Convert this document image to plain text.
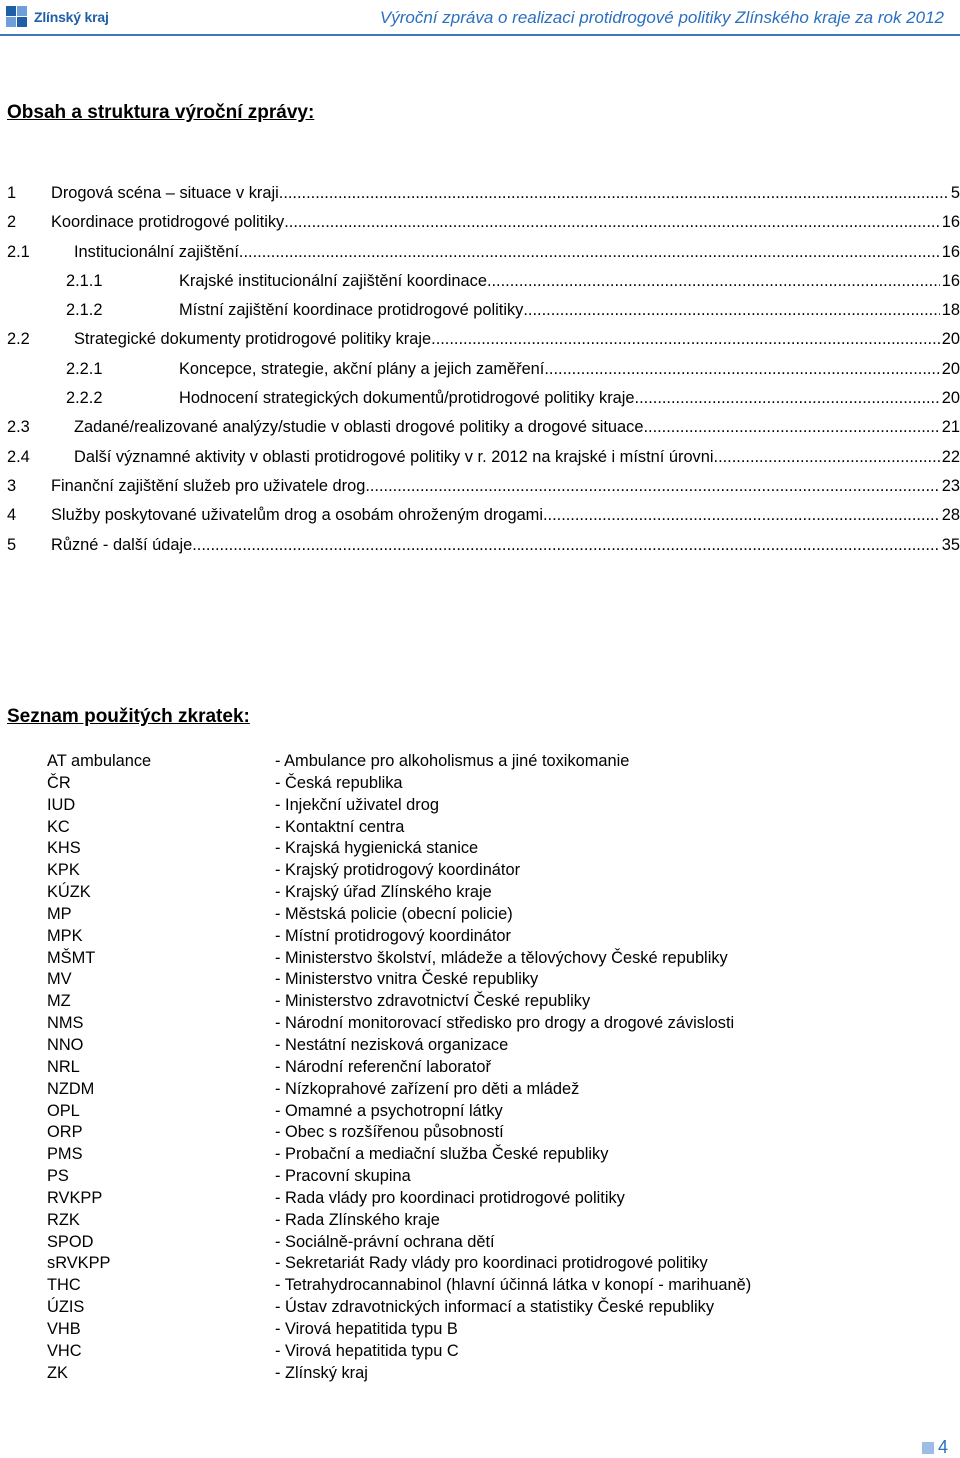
Zlínský kraj	Výroční zpráva o realizaci protidrogové politiky Zlínského kraje za rok 2012
Obsah a struktura výroční zprávy:
1	Drogová scéna – situace v kraji .....	5
2	Koordinace protidrogové politiky .....	16
2.1	Institucionální zajištění .....	16
2.1.1	Krajské institucionální zajištění koordinace .....	16
2.1.2	Místní zajištění koordinace protidrogové politiky .....	18
2.2	Strategické dokumenty protidrogové politiky kraje .....	20
2.2.1	Koncepce, strategie, akční plány a jejich zaměření .....	20
2.2.2	Hodnocení strategických dokumentů/protidrogové politiky kraje .....	20
2.3	Zadané/realizované analýzy/studie v oblasti drogové politiky a drogové situace .....	21
2.4	Další významné aktivity v oblasti protidrogové politiky v r. 2012 na krajské i místní úrovni .....	22
3	Finanční zajištění služeb pro uživatele drog .....	23
4	Služby poskytované uživatelům drog a osobám ohroženým drogami .....	28
5	Různé - další údaje .....	35
Seznam použitých zkratek:
AT ambulance	- Ambulance pro alkoholismus a jiné toxikomanie
ČR	- Česká republika
IUD	- Injekční uživatel drog
KC	- Kontaktní centra
KHS	- Krajská hygienická stanice
KPK	- Krajský protidrogový koordinátor
KÚZK	- Krajský úřad Zlínského kraje
MP	- Městská policie (obecní policie)
MPK	- Místní protidrogový koordinátor
MŠMT	- Ministerstvo školství, mládeže a tělovýchovy České republiky
MV	- Ministerstvo vnitra České republiky
MZ	- Ministerstvo zdravotnictví České republiky
NMS	- Národní monitorovací středisko pro drogy a drogové závislosti
NNO	- Nestátní nezisková organizace
NRL	- Národní referenční laboratoř
NZDM	- Nízkoprahové zařízení pro děti a mládež
OPL	- Omamné a psychotropní látky
ORP	- Obec s rozšířenou působností
PMS	- Probační a mediační služba České republiky
PS	- Pracovní skupina
RVKPP	- Rada vlády pro koordinaci protidrogové politiky
RZK	- Rada Zlínského kraje
SPOD	- Sociálně-právní ochrana dětí
sRVKPP	- Sekretariát Rady vlády pro koordinaci protidrogové politiky
THC	- Tetrahydrocannabinol (hlavní účinná látka v konopí - marihuaně)
ÚZIS	- Ústav zdravotnických informací a statistiky České republiky
VHB	- Virová hepatitida typu B
VHC	- Virová hepatitida typu C
ZK	- Zlínský kraj
4
